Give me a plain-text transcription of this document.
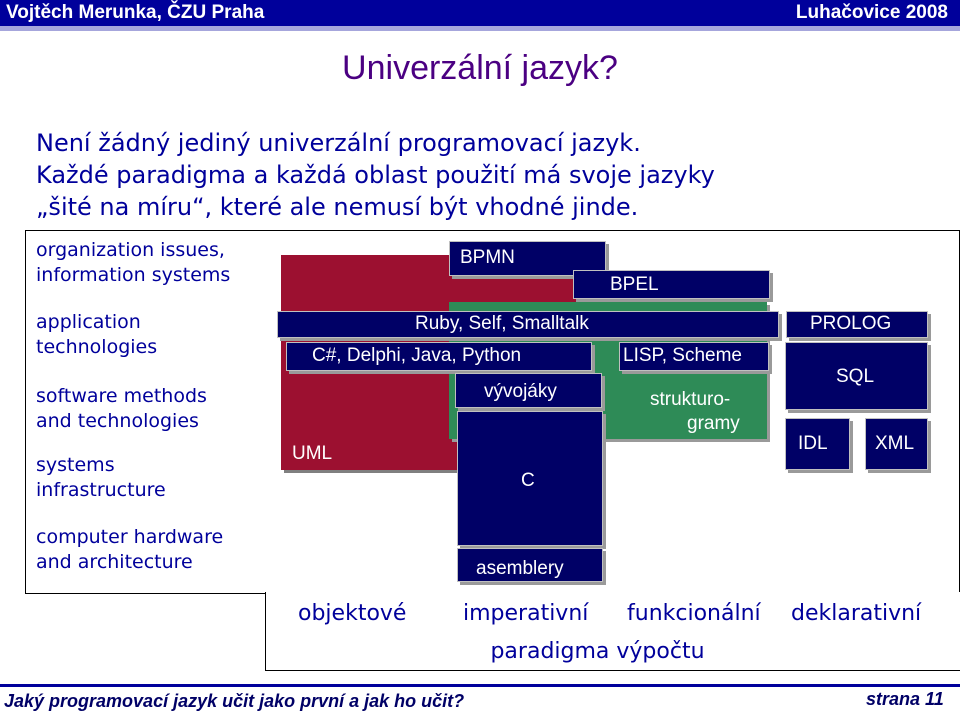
Vojtěch Merunka, ČZU Praha	Luhačovice 2008
Univerzální jazyk?
Není žádný jediný univerzální programovací jazyk.
Každé paradigma a každá oblast použití má svoje jazyky
„šité na míru“, které ale nemusí být vhodné jinde.
organization issues,
information systems
application
technologies
software methods
and technologies
systems
infrastructure
computer hardware
and architecture
UML
BPMN
BPEL
Ruby, Self, Smalltalk
C#, Delphi, Java, Python	LISP, Scheme
vývojáky	strukturo-
gramy
C
asemblery
PROLOG
SQL
IDL XML
objektové	imperativní funkcionální deklarativní
paradigma výpočtu
Jaký programovací jazyk učit jako první a jak ho učit?	strana 11
